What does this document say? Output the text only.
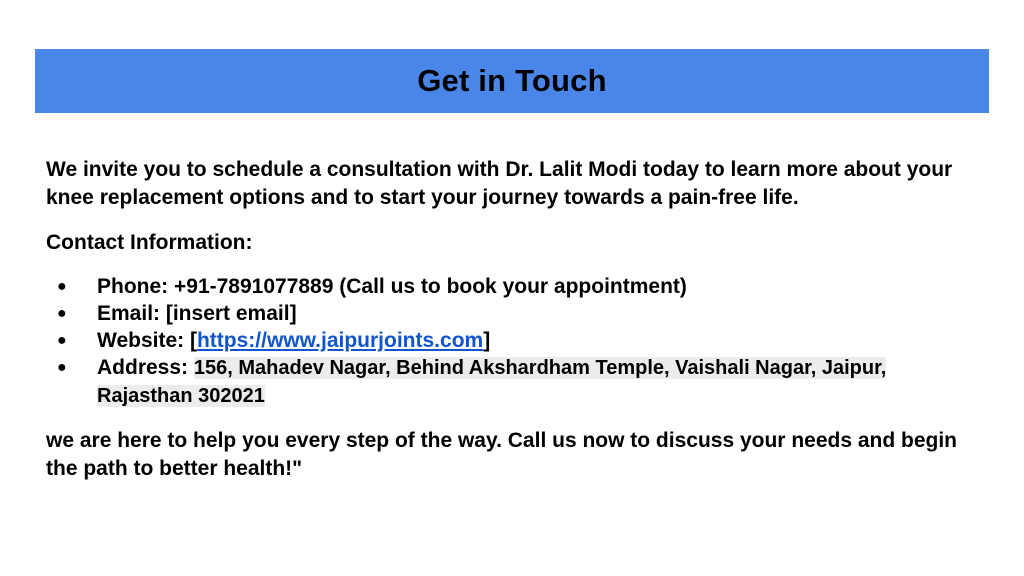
Get in Touch

We invite you to schedule a consultation with Dr. Lalit Modi today to learn more about your knee replacement options and to start your journey towards a pain-free life.

Contact Information:

● Phone: +91-7891077889 (Call us to book your appointment)
● Email: [insert email]
● Website: [https://www.jaipurjoints.com]
● Address: 156, Mahadev Nagar, Behind Akshardham Temple, Vaishali Nagar, Jaipur, Rajasthan 302021

we are here to help you every step of the way. Call us now to discuss your needs and begin the path to better health!"
